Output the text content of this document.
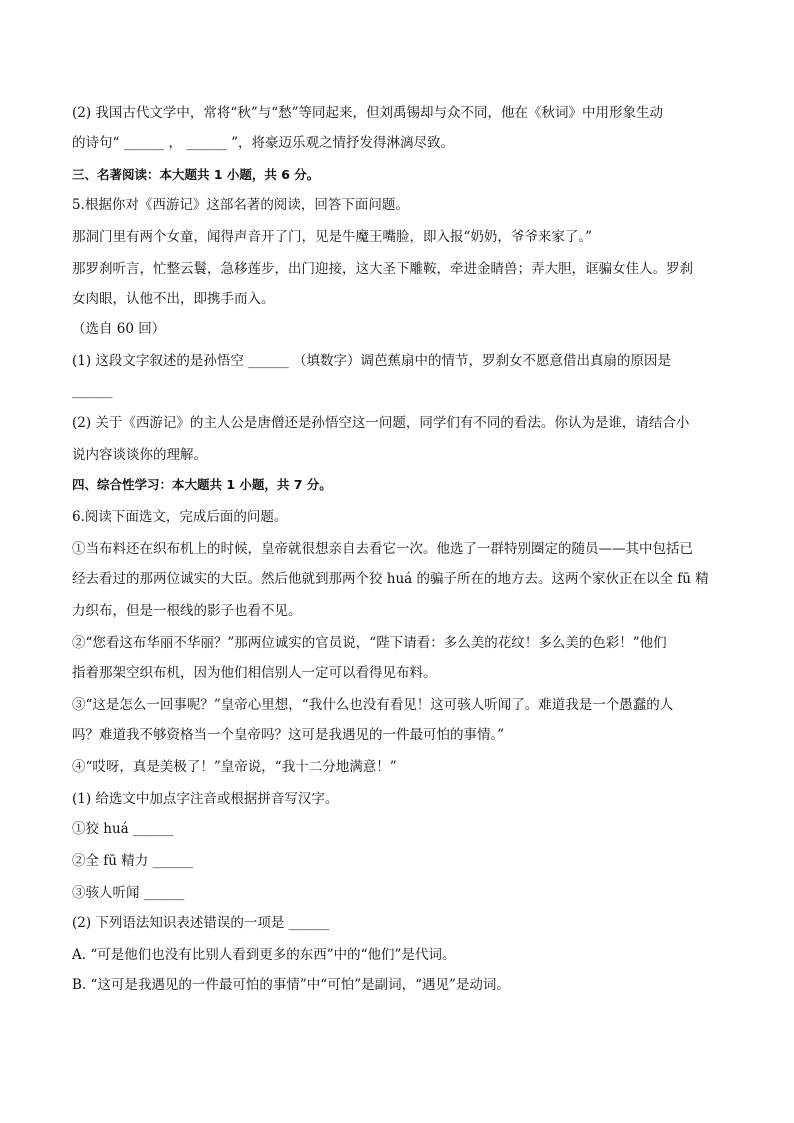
(2) 我国古代文学中，常将“秋”与“愁”等同起来，但刘禹锡却与众不同，他在《秋词》中用形象生动
的诗句“ ______ ， ______ ”，将豪迈乐观之情抒发得淋漓尽致。
三、名著阅读：本大题共 1 小题，共 6 分。
5.根据你对《西游记》这部名著的阅读，回答下面问题。
那洞门里有两个女童，闻得声音开了门，见是牛魔王嘴脸，即入报“奶奶，爷爷来家了。”
那罗刹听言，忙整云鬟，急移莲步，出门迎接，这大圣下雕鞍，牵进金睛兽；弄大胆，诓骗女佳人。罗刹
女肉眼，认他不出，即携手而入。
（选自 60 回）
(1) 这段文字叙述的是孙悟空 ______ （填数字）调芭蕉扇中的情节，罗刹女不愿意借出真扇的原因是
______
(2) 关于《西游记》的主人公是唐僧还是孙悟空这一问题，同学们有不同的看法。你认为是谁，请结合小
说内容谈谈你的理解。
四、综合性学习：本大题共 1 小题，共 7 分。
6.阅读下面选文，完成后面的问题。
①当布料还在织布机上的时候，皇帝就很想亲自去看它一次。他选了一群特别圈定的随员——其中包括已
经去看过的那两位诚实的大臣。然后他就到那两个狡 huá 的骗子所在的地方去。这两个家伙正在以全 fū 精
力织布，但是一根线的影子也看不见。
②“您看这布华丽不华丽？”那两位诚实的官员说，“陛下请看：多么美的花纹！多么美的色彩！”他们
指着那架空织布机，因为他们相信别人一定可以看得见布料。
③“这是怎么一回事呢？”皇帝心里想，“我什么也没有看见！这可骇人听闻了。难道我是一个愚蠢的人
吗？难道我不够资格当一个皇帝吗？这可是我遇见的一件最可怕的事情。”
④“哎呀，真是美极了！”皇帝说，“我十二分地满意！”
(1) 给选文中加点字注音或根据拼音写汉字。
①狡 huá ______
②全 fū 精力 ______
③骇人听闻 ______
(2) 下列语法知识表述错误的一项是 ______
A. “可是他们也没有比别人看到更多的东西”中的“他们”是代词。
B. “这可是我遇见的一件最可怕的事情”中“可怕”是副词，“遇见”是动词。
